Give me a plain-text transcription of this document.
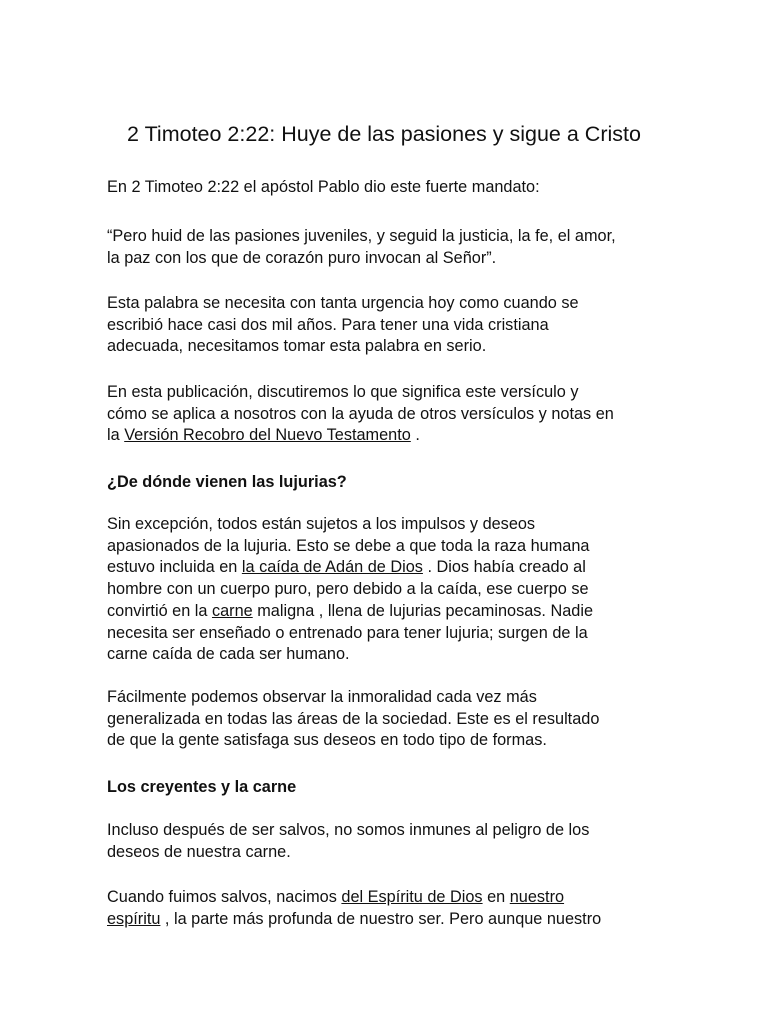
2 Timoteo 2:22: Huye de las pasiones y sigue a Cristo

En 2 Timoteo 2:22 el apóstol Pablo dio este fuerte mandato:

“Pero huid de las pasiones juveniles, y seguid la justicia, la fe, el amor,
la paz con los que de corazón puro invocan al Señor”.

Esta palabra se necesita con tanta urgencia hoy como cuando se
escribió hace casi dos mil años. Para tener una vida cristiana
adecuada, necesitamos tomar esta palabra en serio.

En esta publicación, discutiremos lo que significa este versículo y
cómo se aplica a nosotros con la ayuda de otros versículos y notas en
la Versión Recobro del Nuevo Testamento .

¿De dónde vienen las lujurias?

Sin excepción, todos están sujetos a los impulsos y deseos
apasionados de la lujuria. Esto se debe a que toda la raza humana
estuvo incluida en la caída de Adán de Dios . Dios había creado al
hombre con un cuerpo puro, pero debido a la caída, ese cuerpo se
convirtió en la carne maligna , llena de lujurias pecaminosas. Nadie
necesita ser enseñado o entrenado para tener lujuria; surgen de la
carne caída de cada ser humano.

Fácilmente podemos observar la inmoralidad cada vez más
generalizada en todas las áreas de la sociedad. Este es el resultado
de que la gente satisfaga sus deseos en todo tipo de formas.

Los creyentes y la carne

Incluso después de ser salvos, no somos inmunes al peligro de los
deseos de nuestra carne.

Cuando fuimos salvos, nacimos del Espíritu de Dios en nuestro
espíritu , la parte más profunda de nuestro ser. Pero aunque nuestro
